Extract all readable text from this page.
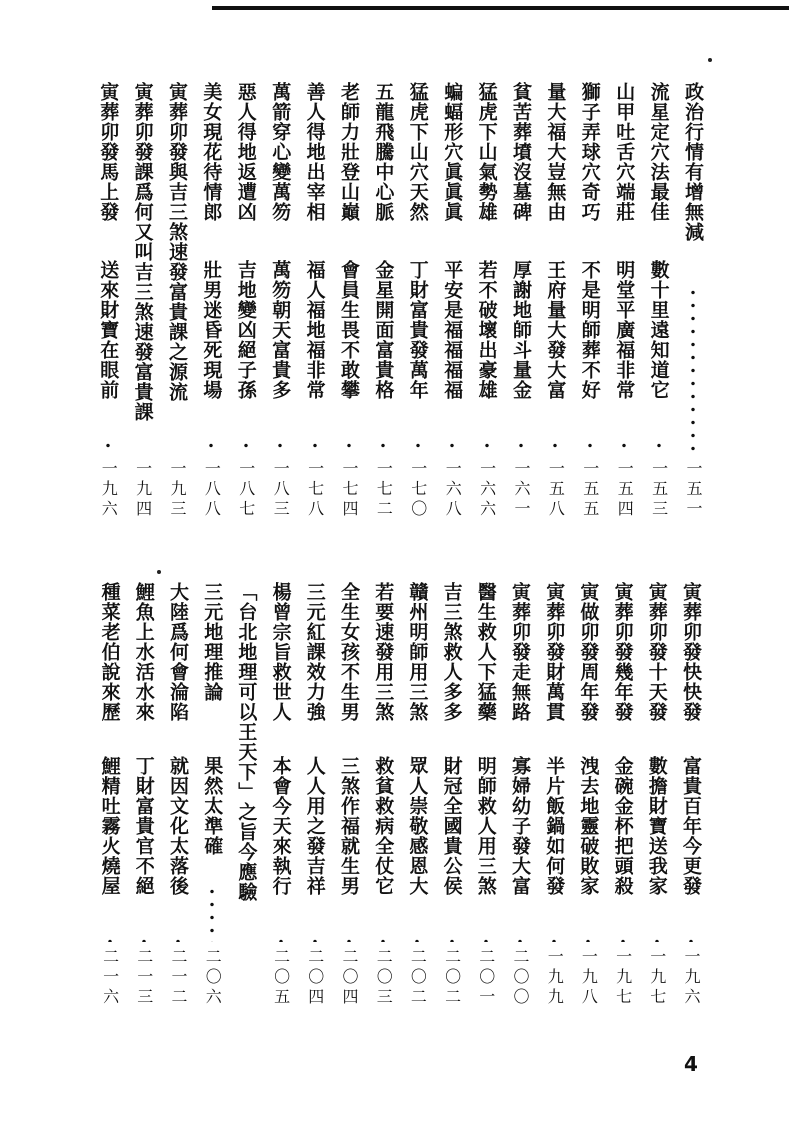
政治行情有增無減
一五一
流星定穴法最佳
數十里遠知道它
一五三
山甲吐舌穴端莊
明堂平廣福非常
一五四
獅子弄球穴奇巧
不是明師葬不好
一五五
量大福大豈無由
王府量大發大富
一五八
貧苦葬墳沒墓碑
厚謝地師斗量金
一六一
猛虎下山氣勢雄
若不破壞出豪雄
一六六
蝙蝠形穴眞眞眞
平安是福福福福
一六八
猛虎下山穴天然
丁財富貴發萬年
一七〇
五龍飛騰中心脈
金星開面富貴格
一七二
老師力壯登山巔
會員生畏不敢攀
一七四
善人得地出宰相
福人福地福非常
一七八
萬箭穿心變萬笏
萬笏朝天富貴多
一八三
惡人得地返遭凶
吉地變凶絕子孫
一八七
美女現花待情郎
壯男迷昏死現場
一八八
寅葬卯發與吉三煞速發富貴課之源流
一九三
寅葬卯發課爲何又叫吉三煞速發富貴課
一九四
寅葬卯發馬上發
送來財寶在眼前
一九六
寅葬卯發快快發
富貴百年今更發
一九六
寅葬卯發十天發
數擔財寶送我家
一九七
寅葬卯發幾年發
金碗金杯把頭殺
一九七
寅做卯發周年發
洩去地靈破敗家
一九八
寅葬卯發財萬貫
半片飯鍋如何發
一九九
寅葬卯發走無路
寡婦幼子發大富
二〇〇
醫生救人下猛藥
明師救人用三煞
二〇一
吉三煞救人多多
財冠全國貴公侯
二〇二
贛州明師用三煞
眾人崇敬感恩大
二〇二
若要速發用三煞
救貧救病全仗它
二〇三
全生女孩不生男
三煞作福就生男
二〇四
三元紅課效力強
人人用之發吉祥
二〇四
楊曾宗旨救世人
本會今天來執行
二〇五
「台北地理可以王天下」之旨今應驗
三元地理推論
果然太準確
二〇六
大陸爲何會淪陷
就因文化太落後
二一二
鯉魚上水活水來
丁財富貴官不絕
二一三
種菜老伯說來歷
鯉精吐霧火燒屋
二一六
4
